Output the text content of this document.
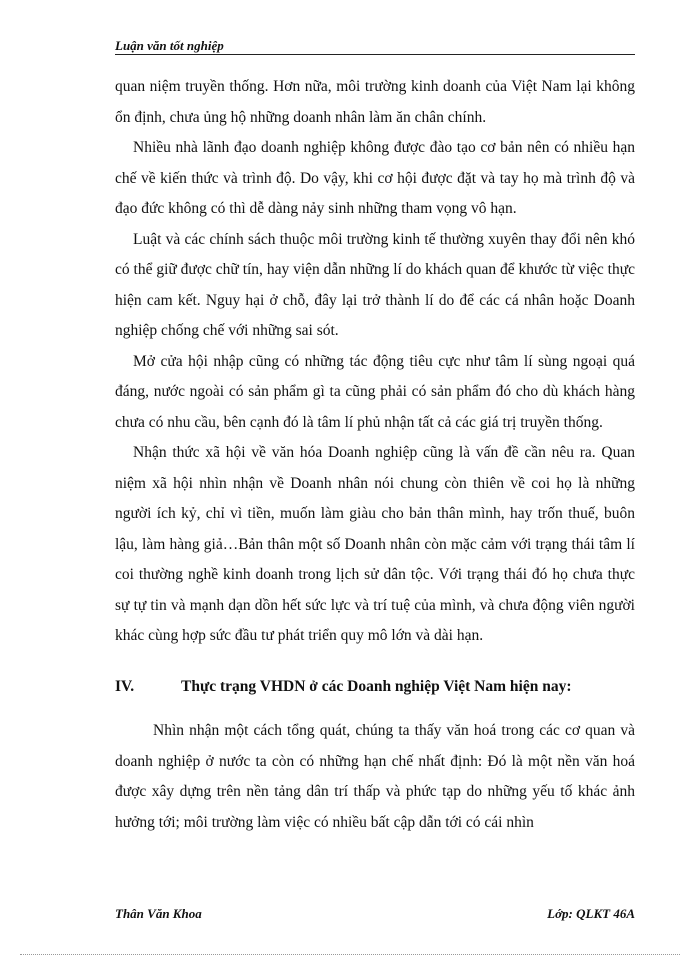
Luận văn tốt nghiệp

quan niệm truyền thống. Hơn nữa, môi trường kinh doanh của Việt Nam lại không ổn định, chưa ủng hộ những doanh nhân làm ăn chân chính.

Nhiều nhà lãnh đạo doanh nghiệp không được đào tạo cơ bản nên có nhiều hạn chế về kiến thức và trình độ. Do vậy, khi cơ hội được đặt và tay họ mà trình độ và đạo đức không có thì dễ dàng nảy sinh những tham vọng vô hạn.

Luật và các chính sách thuộc môi trường kinh tế thường xuyên thay đổi nên khó có thể giữ được chữ tín, hay viện dẫn những lí do khách quan để khước từ việc thực hiện cam kết. Nguy hại ở chỗ, đây lại trở thành lí do để các cá nhân hoặc Doanh nghiệp chống chế với những sai sót.

Mở cửa hội nhập cũng có những tác động tiêu cực như tâm lí sùng ngoại quá đáng, nước ngoài có sản phẩm gì ta cũng phải có sản phẩm đó cho dù khách hàng chưa có nhu cầu, bên cạnh đó là tâm lí phủ nhận tất cả các giá trị truyền thống.

Nhận thức xã hội về văn hóa Doanh nghiệp cũng là vấn đề cần nêu ra. Quan niệm xã hội nhìn nhận về Doanh nhân nói chung còn thiên về coi họ là những người ích kỷ, chỉ vì tiền, muốn làm giàu cho bản thân mình, hay trốn thuế, buôn lậu, làm hàng giả…Bản thân một số Doanh nhân còn mặc cảm với trạng thái tâm lí coi thường nghề kinh doanh trong lịch sử dân tộc. Với trạng thái đó họ chưa thực sự tự tin và mạnh dạn dồn hết sức lực và trí tuệ của mình, và chưa động viên người khác cùng hợp sức đầu tư phát triển quy mô lớn và dài hạn.

IV.	Thực trạng VHDN ở các Doanh nghiệp Việt Nam hiện nay:

Nhìn nhận một cách tổng quát, chúng ta thấy văn hoá trong các cơ quan và doanh nghiệp ở nước ta còn có những hạn chế nhất định: Đó là một nền văn hoá được xây dựng trên nền tảng dân trí thấp và phức tạp do những yếu tố khác ảnh hưởng tới; môi trường làm việc có nhiều bất cập dẫn tới có cái nhìn

Thân Văn Khoa	Lớp: QLKT 46A
